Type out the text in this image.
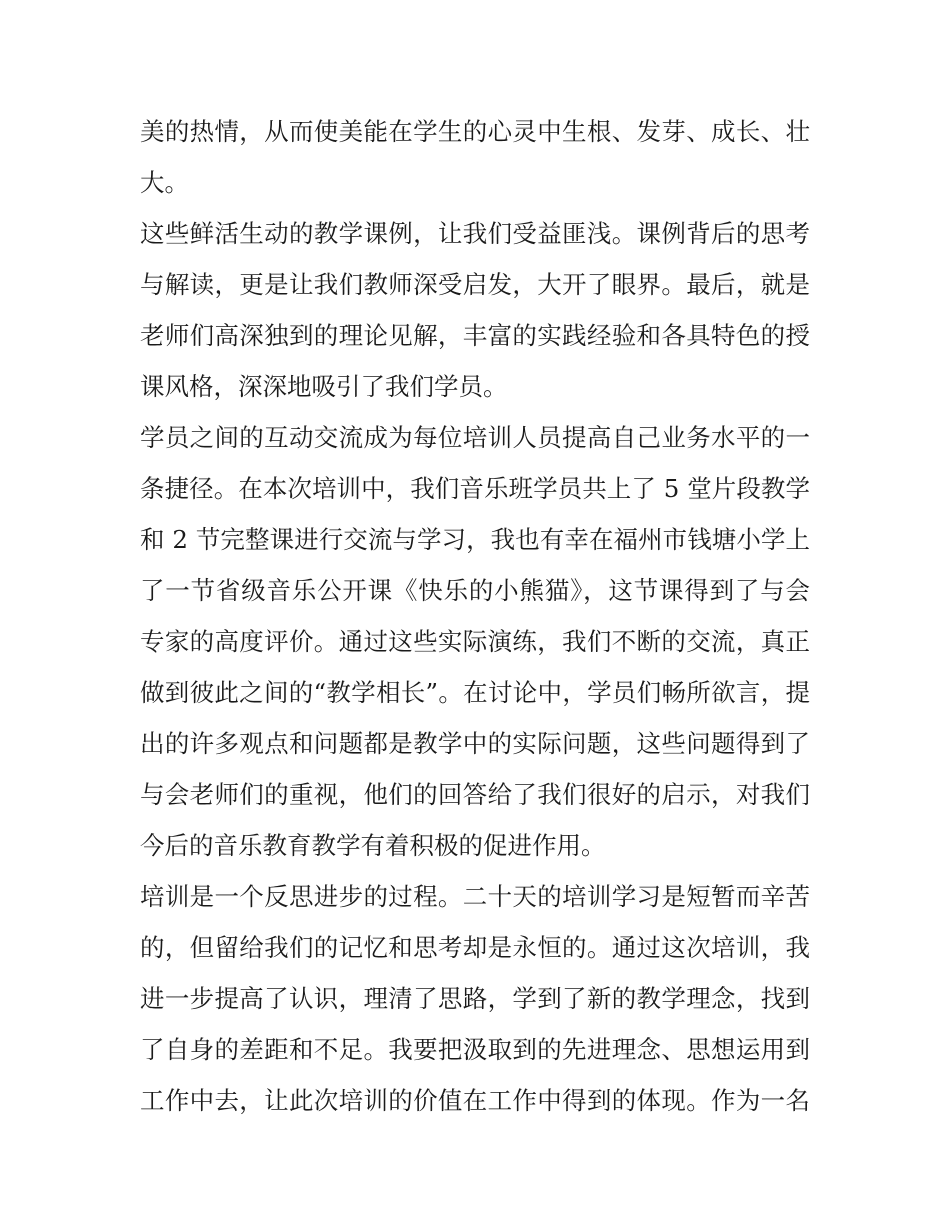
美的热情，从而使美能在学生的心灵中生根、发芽、成长、壮
大。
这些鲜活生动的教学课例，让我们受益匪浅。课例背后的思考
与解读，更是让我们教师深受启发，大开了眼界。最后，就是
老师们高深独到的理论见解，丰富的实践经验和各具特色的授
课风格，深深地吸引了我们学员。
学员之间的互动交流成为每位培训人员提高自己业务水平的一
条捷径。在本次培训中，我们音乐班学员共上了 5 堂片段教学
和 2 节完整课进行交流与学习，我也有幸在福州市钱塘小学上
了一节省级音乐公开课《快乐的小熊猫》，这节课得到了与会
专家的高度评价。通过这些实际演练，我们不断的交流，真正
做到彼此之间的“教学相长”。在讨论中，学员们畅所欲言，提
出的许多观点和问题都是教学中的实际问题，这些问题得到了
与会老师们的重视，他们的回答给了我们很好的启示，对我们
今后的音乐教育教学有着积极的促进作用。
培训是一个反思进步的过程。二十天的培训学习是短暂而辛苦
的，但留给我们的记忆和思考却是永恒的。通过这次培训，我
进一步提高了认识，理清了思路，学到了新的教学理念，找到
了自身的差距和不足。我要把汲取到的先进理念、思想运用到
工作中去，让此次培训的价值在工作中得到的体现。作为一名
